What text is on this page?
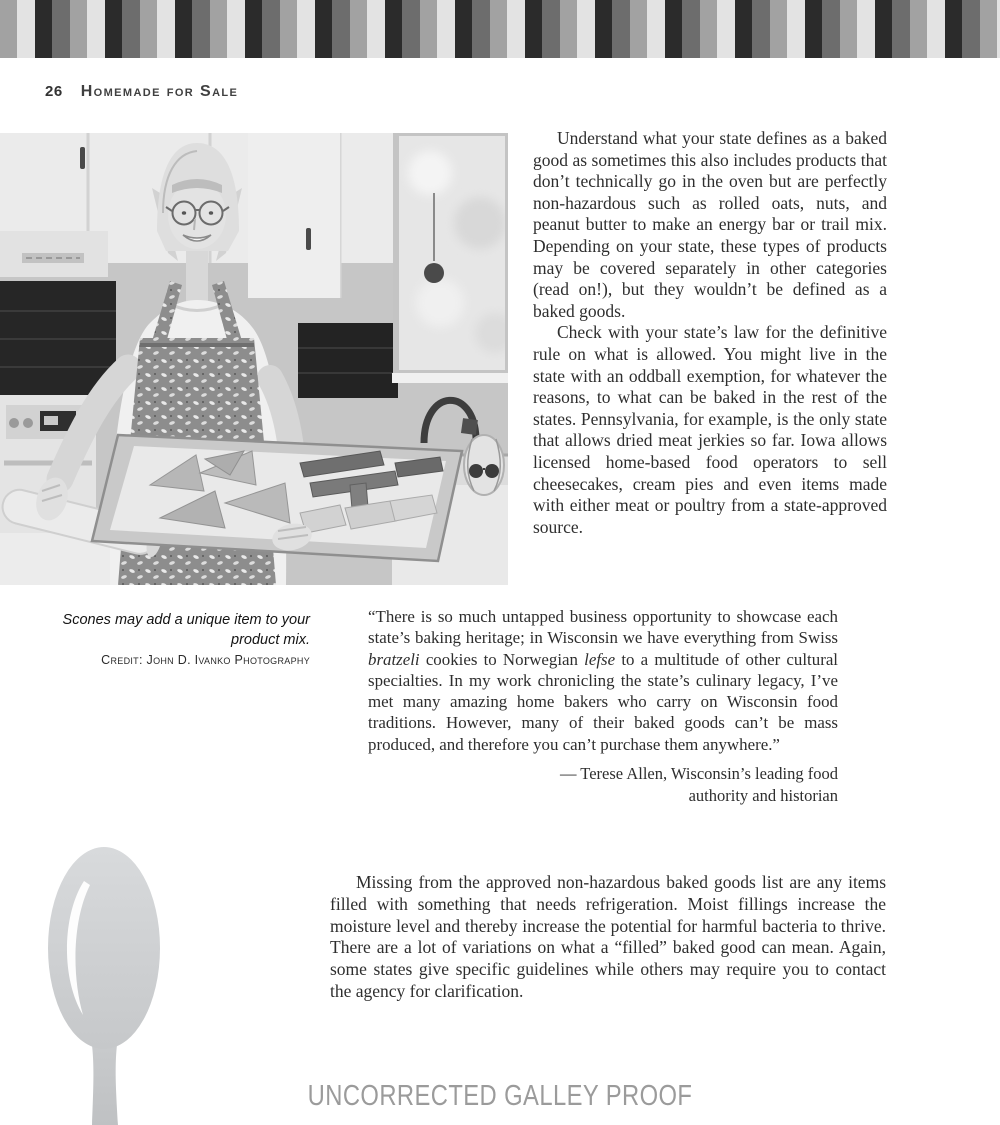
26 Homemade for Sale
Scones may add a unique item to your
product mix.
Credit: John D. Ivanko Photography

Understand what your state defines as a baked good as sometimes this also includes products that don’t technically go in the oven but are perfectly non-hazardous such as rolled oats, nuts, and peanut butter to make an energy bar or trail mix. Depending on your state, these types of products may be covered separately in other categories (read on!), but they wouldn’t be defined as a baked goods.

Check with your state’s law for the definitive rule on what is allowed. You might live in the state with an oddball exemption, for whatever the reasons, to what can be baked in the rest of the states. Pennsylvania, for example, is the only state that allows dried meat jerkies so far. Iowa allows licensed home-based food operators to sell cheesecakes, cream pies and even items made with either meat or poultry from a state-approved source.

“There is so much untapped business opportunity to showcase each state’s baking heritage; in Wisconsin we have everything from Swiss bratzeli cookies to Norwegian lefse to a multitude of other cultural specialties. In my work chronicling the state’s culinary legacy, I’ve met many amazing home bakers who carry on Wisconsin food traditions. However, many of their baked goods can’t be mass produced, and therefore you can’t purchase them anywhere.”
— Terese Allen, Wisconsin’s leading food
authority and historian

Missing from the approved non-hazardous baked goods list are any items filled with something that needs refrigeration. Moist fillings increase the moisture level and thereby increase the potential for harmful bacteria to thrive. There are a lot of variations on what a “filled” baked good can mean. Again, some states give specific guidelines while others may require you to contact the agency for clarification.

UNCORRECTED GALLEY PROOF
